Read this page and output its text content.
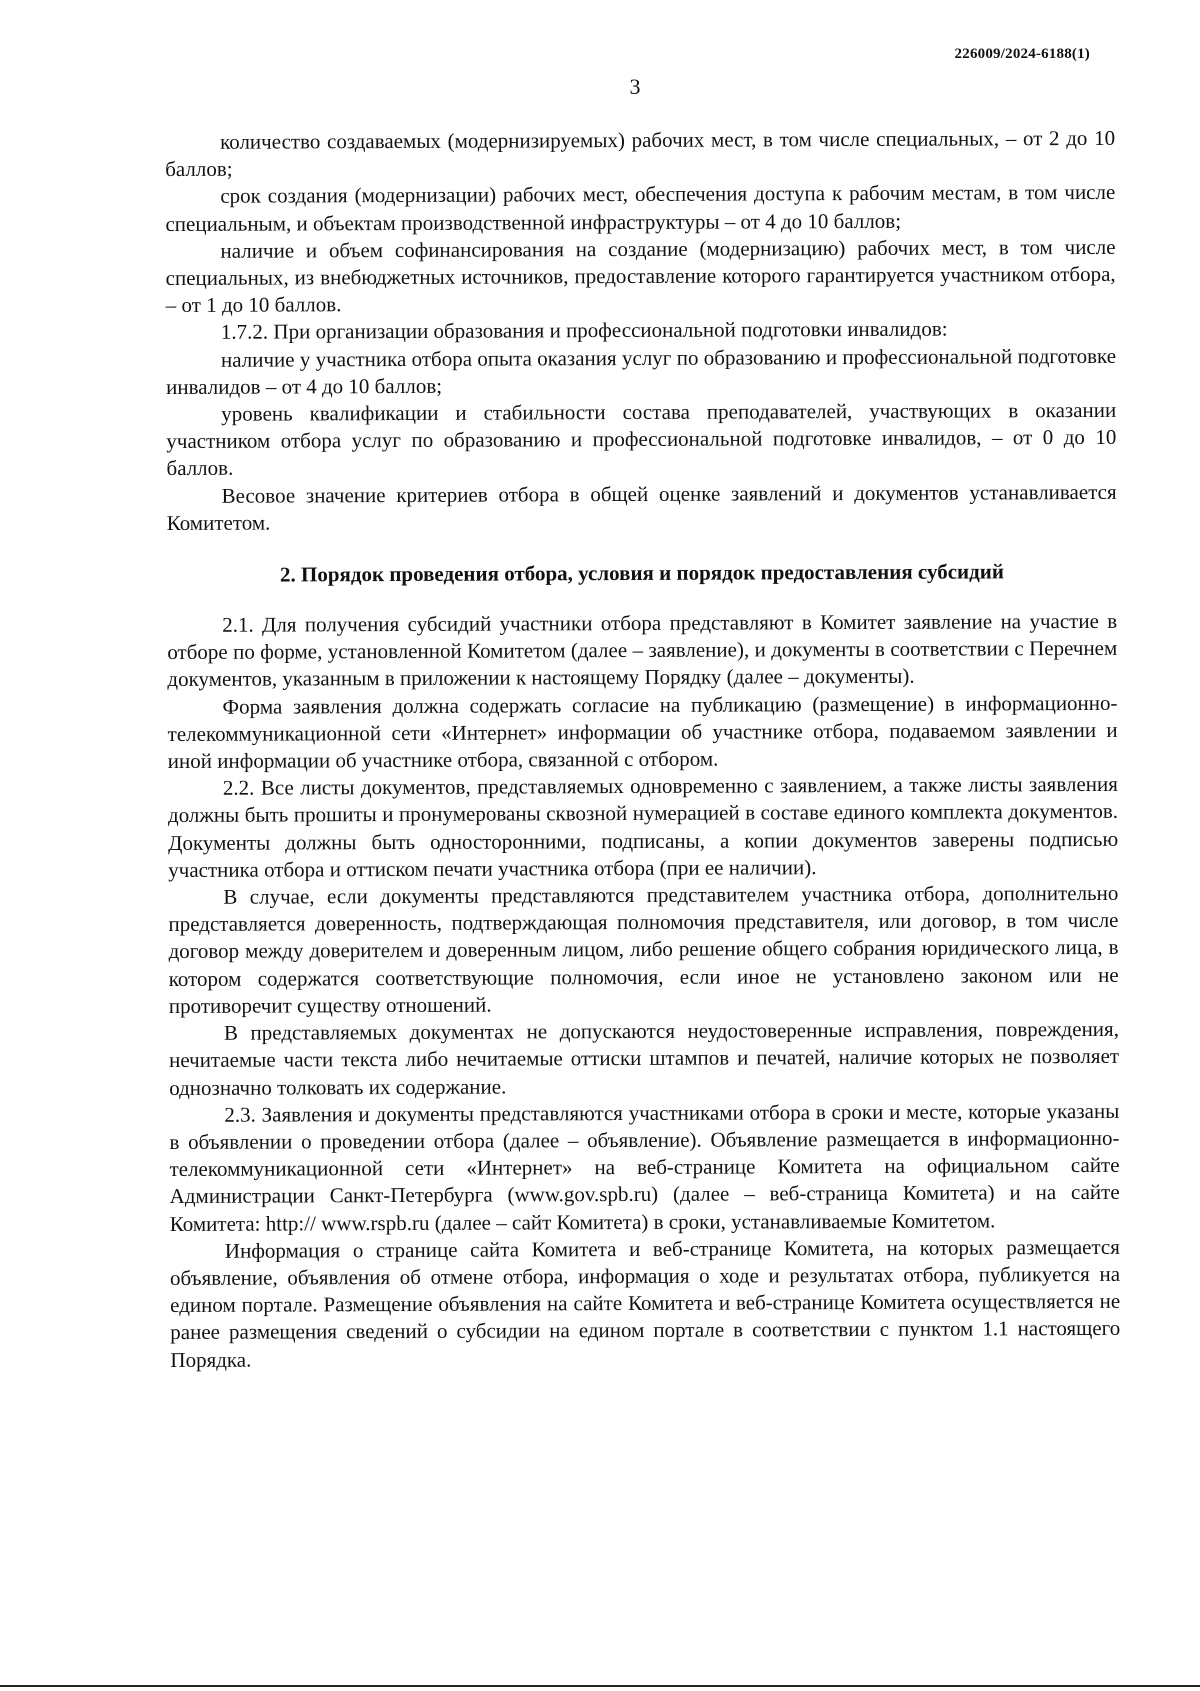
226009/2024-6188(1)
3

количество создаваемых (модернизируемых) рабочих мест, в том числе специальных, – от 2 до 10 баллов;

срок создания (модернизации) рабочих мест, обеспечения доступа к рабочим местам, в том числе специальным, и объектам производственной инфраструктуры – от 4 до 10 баллов;

наличие и объем софинансирования на создание (модернизацию) рабочих мест, в том числе специальных, из внебюджетных источников, предоставление которого гарантируется участником отбора, – от 1 до 10 баллов.

1.7.2. При организации образования и профессиональной подготовки инвалидов:

наличие у участника отбора опыта оказания услуг по образованию и профессиональной подготовке инвалидов – от 4 до 10 баллов;

уровень квалификации и стабильности состава преподавателей, участвующих в оказании участником отбора услуг по образованию и профессиональной подготовке инвалидов, – от 0 до 10 баллов.

Весовое значение критериев отбора в общей оценке заявлений и документов устанавливается Комитетом.

2. Порядок проведения отбора, условия и порядок предоставления субсидий

2.1. Для получения субсидий участники отбора представляют в Комитет заявление на участие в отборе по форме, установленной Комитетом (далее – заявление), и документы в соответствии с Перечнем документов, указанным в приложении к настоящему Порядку (далее – документы).

Форма заявления должна содержать согласие на публикацию (размещение) в информационно-телекоммуникационной сети «Интернет» информации об участнике отбора, подаваемом заявлении и иной информации об участнике отбора, связанной с отбором.

2.2. Все листы документов, представляемых одновременно с заявлением, а также листы заявления должны быть прошиты и пронумерованы сквозной нумерацией в составе единого комплекта документов. Документы должны быть односторонними, подписаны, а копии документов заверены подписью участника отбора и оттиском печати участника отбора (при ее наличии).

В случае, если документы представляются представителем участника отбора, дополнительно представляется доверенность, подтверждающая полномочия представителя, или договор, в том числе договор между доверителем и доверенным лицом, либо решение общего собрания юридического лица, в котором содержатся соответствующие полномочия, если иное не установлено законом или не противоречит существу отношений.

В представляемых документах не допускаются неудостоверенные исправления, повреждения, нечитаемые части текста либо нечитаемые оттиски штампов и печатей, наличие которых не позволяет однозначно толковать их содержание.

2.3. Заявления и документы представляются участниками отбора в сроки и месте, которые указаны в объявлении о проведении отбора (далее – объявление). Объявление размещается в информационно-телекоммуникационной сети «Интернет» на веб-странице Комитета на официальном сайте Администрации Санкт-Петербурга (www.gov.spb.ru) (далее – веб-страница Комитета) и на сайте Комитета: http:// www.rspb.ru (далее – сайт Комитета) в сроки, устанавливаемые Комитетом.

Информация о странице сайта Комитета и веб-странице Комитета, на которых размещается объявление, объявления об отмене отбора, информация о ходе и результатах отбора, публикуется на едином портале. Размещение объявления на сайте Комитета и веб-странице Комитета осуществляется не ранее размещения сведений о субсидии на едином портале в соответствии с пунктом 1.1 настоящего Порядка.
